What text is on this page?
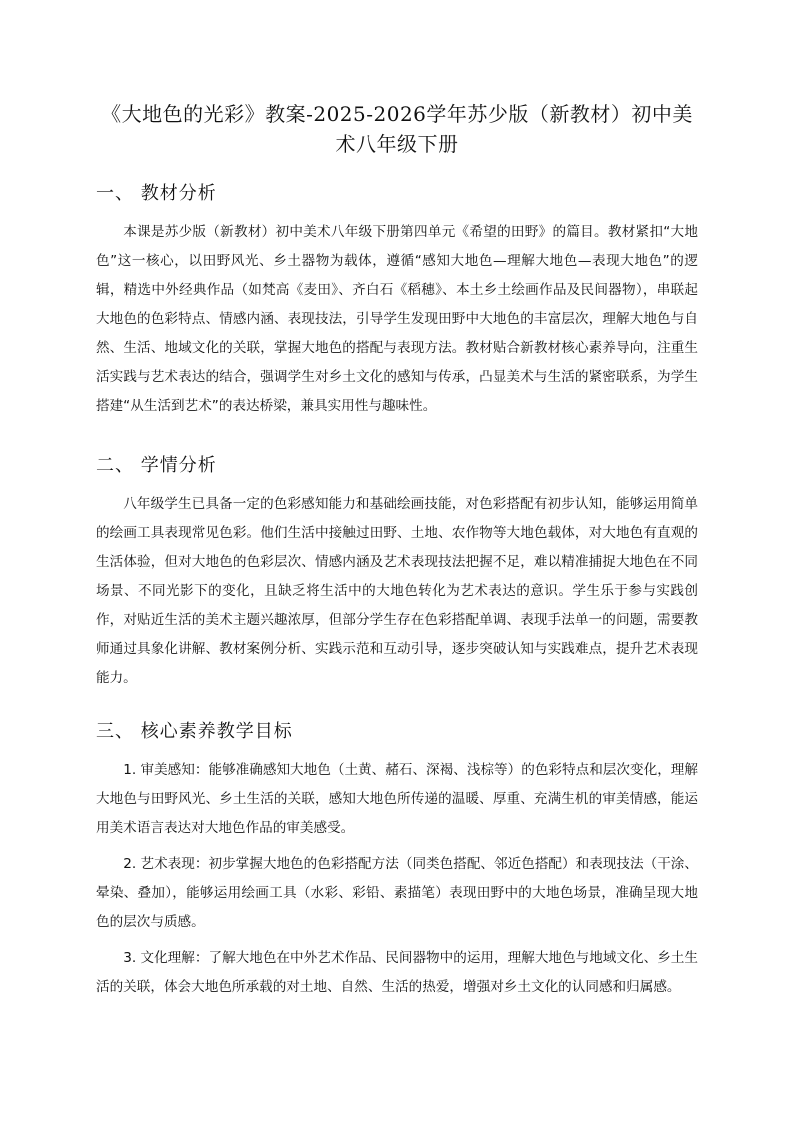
《大地色的光彩》教案-2025-2026学年苏少版（新教材）初中美术八年级下册
一、 教材分析

本课是苏少版（新教材）初中美术八年级下册第四单元《希望的田野》的篇目。教材紧扣“大地色”这一核心，以田野风光、乡土器物为载体，遵循“感知大地色—理解大地色—表现大地色”的逻辑，精选中外经典作品（如梵高《麦田》、齐白石《稻穗》、本土乡土绘画作品及民间器物），串联起大地色的色彩特点、情感内涵、表现技法，引导学生发现田野中大地色的丰富层次，理解大地色与自然、生活、地域文化的关联，掌握大地色的搭配与表现方法。教材贴合新教材核心素养导向，注重生活实践与艺术表达的结合，强调学生对乡土文化的感知与传承，凸显美术与生活的紧密联系，为学生搭建“从生活到艺术”的表达桥梁，兼具实用性与趣味性。

二、 学情分析

八年级学生已具备一定的色彩感知能力和基础绘画技能，对色彩搭配有初步认知，能够运用简单的绘画工具表现常见色彩。他们生活中接触过田野、土地、农作物等大地色载体，对大地色有直观的生活体验，但对大地色的色彩层次、情感内涵及艺术表现技法把握不足，难以精准捕捉大地色在不同场景、不同光影下的变化，且缺乏将生活中的大地色转化为艺术表达的意识。学生乐于参与实践创作，对贴近生活的美术主题兴趣浓厚，但部分学生存在色彩搭配单调、表现手法单一的问题，需要教师通过具象化讲解、教材案例分析、实践示范和互动引导，逐步突破认知与实践难点，提升艺术表现能力。

三、 核心素养教学目标

1. 审美感知：能够准确感知大地色（土黄、赭石、深褐、浅棕等）的色彩特点和层次变化，理解大地色与田野风光、乡土生活的关联，感知大地色所传递的温暖、厚重、充满生机的审美情感，能运用美术语言表达对大地色作品的审美感受。

2. 艺术表现：初步掌握大地色的色彩搭配方法（同类色搭配、邻近色搭配）和表现技法（干涂、晕染、叠加），能够运用绘画工具（水彩、彩铅、素描笔）表现田野中的大地色场景，准确呈现大地色的层次与质感。

3. 文化理解：了解大地色在中外艺术作品、民间器物中的运用，理解大地色与地域文化、乡土生活的关联，体会大地色所承载的对土地、自然、生活的热爱，增强对乡土文化的认同感和归属感。
